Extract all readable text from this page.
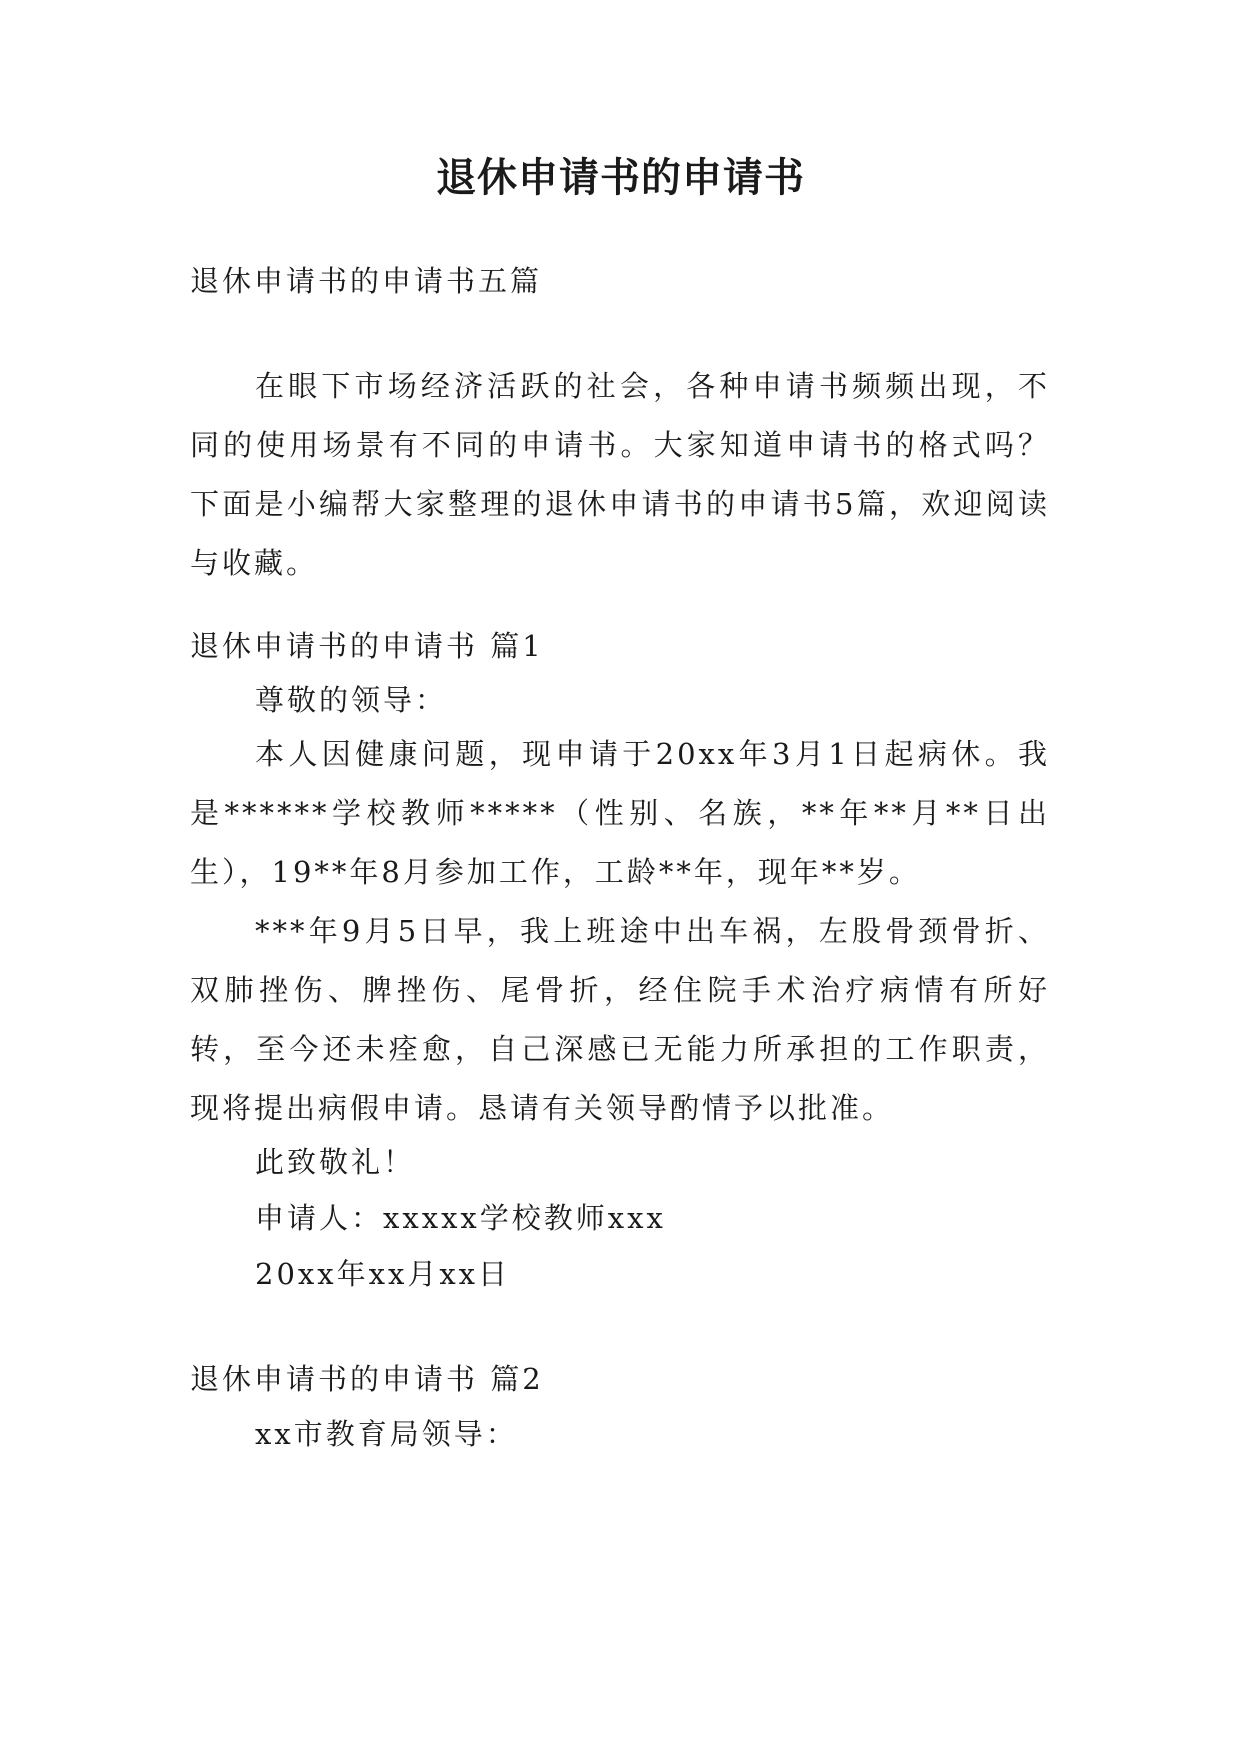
退休申请书的申请书

退休申请书的申请书五篇

在眼下市场经济活跃的社会，各种申请书频频出现，不同的使用场景有不同的申请书。大家知道申请书的格式吗？下面是小编帮大家整理的退休申请书的申请书5篇，欢迎阅读与收藏。

退休申请书的申请书 篇1

尊敬的领导：

本人因健康问题，现申请于20xx年3月1日起病休。我是******学校教师*****（性别、名族，**年**月**日出生），19**年8月参加工作，工龄**年，现年**岁。

***年9月5日早，我上班途中出车祸，左股骨颈骨折、双肺挫伤、脾挫伤、尾骨折，经住院手术治疗病情有所好转，至今还未痊愈，自己深感已无能力所承担的工作职责，现将提出病假申请。恳请有关领导酌情予以批准。

此致敬礼！

申请人：xxxxx学校教师xxx

20xx年xx月xx日

退休申请书的申请书 篇2

xx市教育局领导：
